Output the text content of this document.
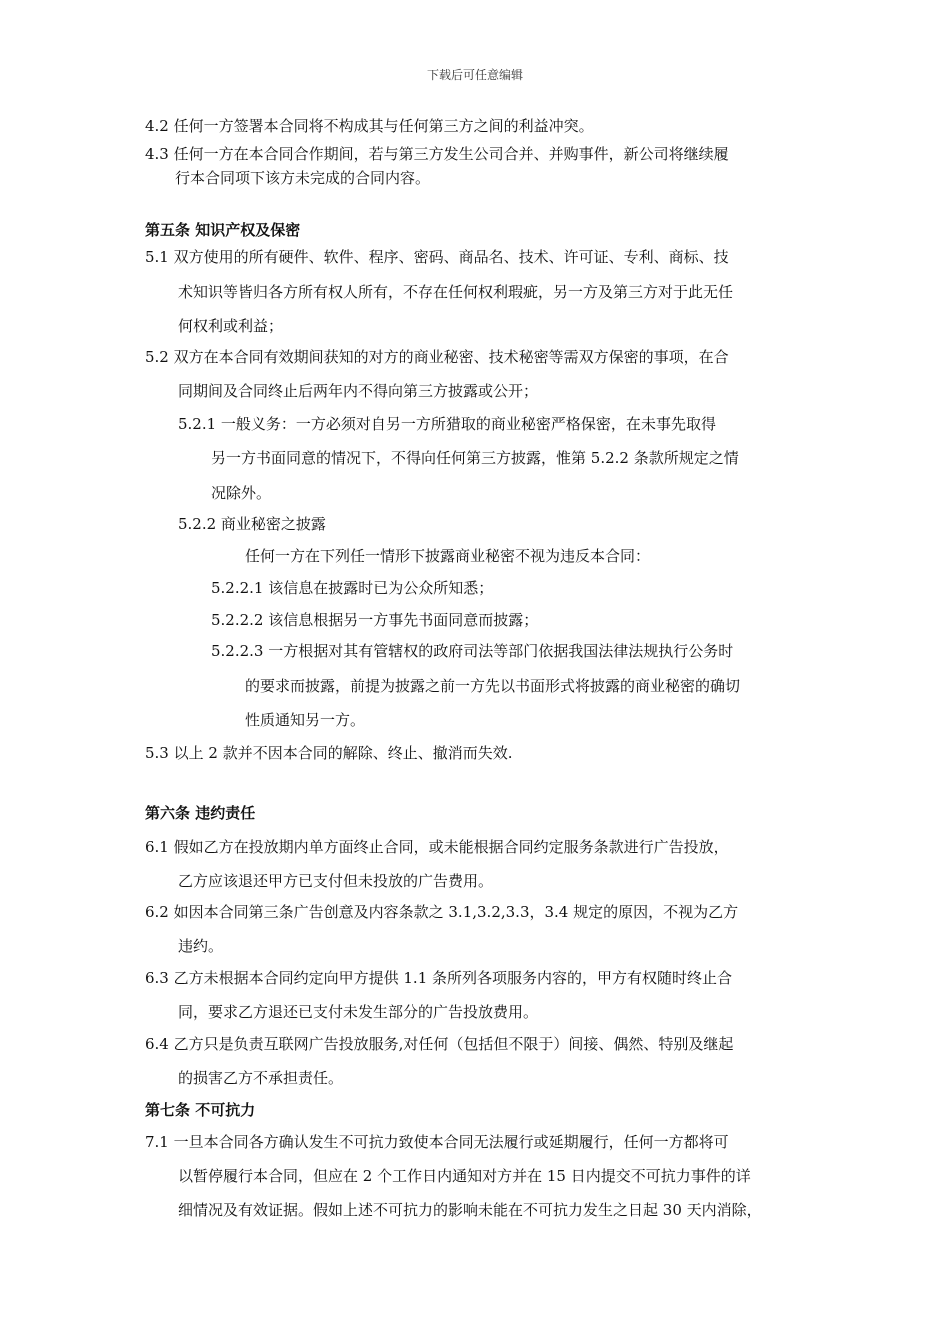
下载后可任意编辑
4.2 任何一方签署本合同将不构成其与任何第三方之间的利益冲突。
4.3 任何一方在本合同合作期间，若与第三方发生公司合并、并购事件，新公司将继续履
行本合同项下该方未完成的合同内容。
第五条 知识产权及保密
5.1 双方使用的所有硬件、软件、程序、密码、商品名、技术、许可证、专利、商标、技
术知识等皆归各方所有权人所有，不存在任何权利瑕疵，另一方及第三方对于此无任
何权利或利益；
5.2 双方在本合同有效期间获知的对方的商业秘密、技术秘密等需双方保密的事项，在合
同期间及合同终止后两年内不得向第三方披露或公开；
5.2.1 一般义务：一方必须对自另一方所猎取的商业秘密严格保密，在未事先取得
另一方书面同意的情况下，不得向任何第三方披露，惟第 5.2.2 条款所规定之情
况除外。
5.2.2 商业秘密之披露
任何一方在下列任一情形下披露商业秘密不视为违反本合同：
5.2.2.1 该信息在披露时已为公众所知悉；
5.2.2.2 该信息根据另一方事先书面同意而披露；
5.2.2.3 一方根据对其有管辖权的政府司法等部门依据我国法律法规执行公务时
的要求而披露，前提为披露之前一方先以书面形式将披露的商业秘密的确切
性质通知另一方。
5.3 以上 2 款并不因本合同的解除、终止、撤消而失效.
第六条 违约责任
6.1 假如乙方在投放期内单方面终止合同，或未能根据合同约定服务条款进行广告投放，
乙方应该退还甲方已支付但未投放的广告费用。
6.2 如因本合同第三条广告创意及内容条款之 3.1,3.2,3.3，3.4 规定的原因，不视为乙方
违约。
6.3 乙方未根据本合同约定向甲方提供 1.1 条所列各项服务内容的，甲方有权随时终止合
同，要求乙方退还已支付未发生部分的广告投放费用。
6.4 乙方只是负责互联网广告投放服务,对任何（包括但不限于）间接、偶然、特别及继起
的损害乙方不承担责任。
第七条 不可抗力
7.1 一旦本合同各方确认发生不可抗力致使本合同无法履行或延期履行，任何一方都将可
以暂停履行本合同，但应在 2 个工作日内通知对方并在 15 日内提交不可抗力事件的详
细情况及有效证据。假如上述不可抗力的影响未能在不可抗力发生之日起 30 天内消除，
